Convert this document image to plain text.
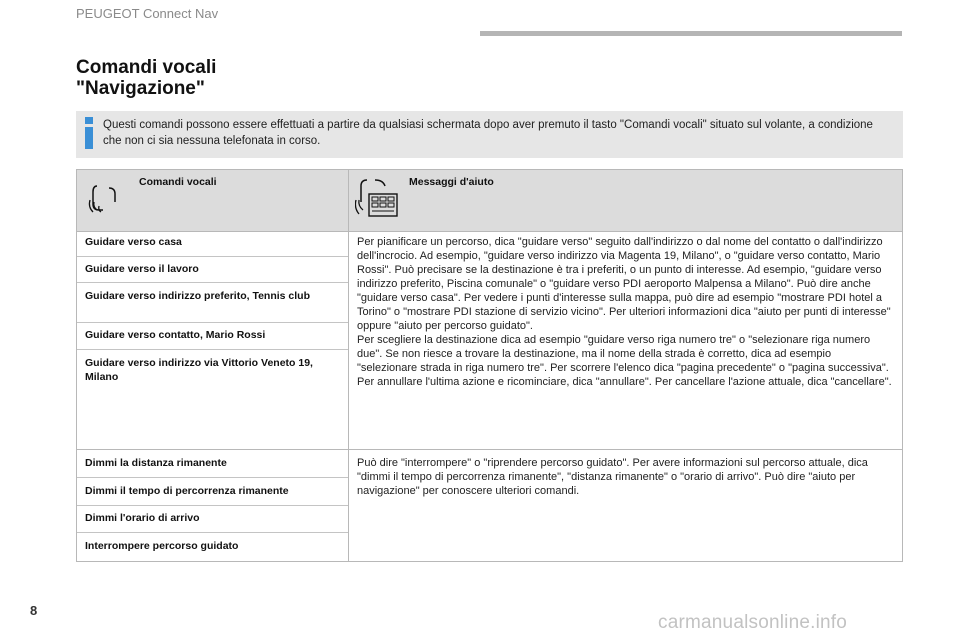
PEUGEOT Connect Nav
Comandi vocali
"Navigazione"
Questi comandi possono essere effettuati a partire da qualsiasi schermata dopo aver premuto il tasto "Comandi vocali" situato sul volante, a condizione che non ci sia nessuna telefonata in corso.
Comandi vocali	Messaggi d'aiuto
Guidare verso casa
Guidare verso il lavoro
Guidare verso indirizzo preferito, Tennis club
Guidare verso contatto, Mario Rossi
Guidare verso indirizzo via Vittorio Veneto 19, Milano
Per pianificare un percorso, dica "guidare verso" seguito dall'indirizzo o dal nome del contatto o dall'indirizzo dell'incrocio. Ad esempio, "guidare verso indirizzo via Magenta 19, Milano", o "guidare verso contatto, Mario Rossi". Può precisare se la destinazione è tra i preferiti, o un punto di interesse. Ad esempio, "guidare verso indirizzo preferito, Piscina comunale" o "guidare verso PDI aeroporto Malpensa a Milano". Può dire anche "guidare verso casa". Per vedere i punti d'interesse sulla mappa, può dire ad esempio "mostrare PDI hotel a Torino" o "mostrare PDI stazione di servizio vicino". Per ulteriori informazioni dica "aiuto per punti di interesse" oppure "aiuto per percorso guidato".
Per scegliere la destinazione dica ad esempio "guidare verso riga numero tre" o "selezionare riga numero due". Se non riesce a trovare la destinazione, ma il nome della strada è corretto, dica ad esempio "selezionare strada in riga numero tre". Per scorrere l'elenco dica "pagina precedente" o "pagina successiva". Per annullare l'ultima azione e ricominciare, dica "annullare". Per cancellare l'azione attuale, dica "cancellare".
Dimmi la distanza rimanente
Dimmi il tempo di percorrenza rimanente
Dimmi l'orario di arrivo
Interrompere percorso guidato
Può dire "interrompere" o "riprendere percorso guidato". Per avere informazioni sul percorso attuale, dica "dimmi il tempo di percorrenza rimanente", "distanza rimanente" o "orario di arrivo". Può dire "aiuto per navigazione" per conoscere ulteriori comandi.
8
carmanualsonline.info
